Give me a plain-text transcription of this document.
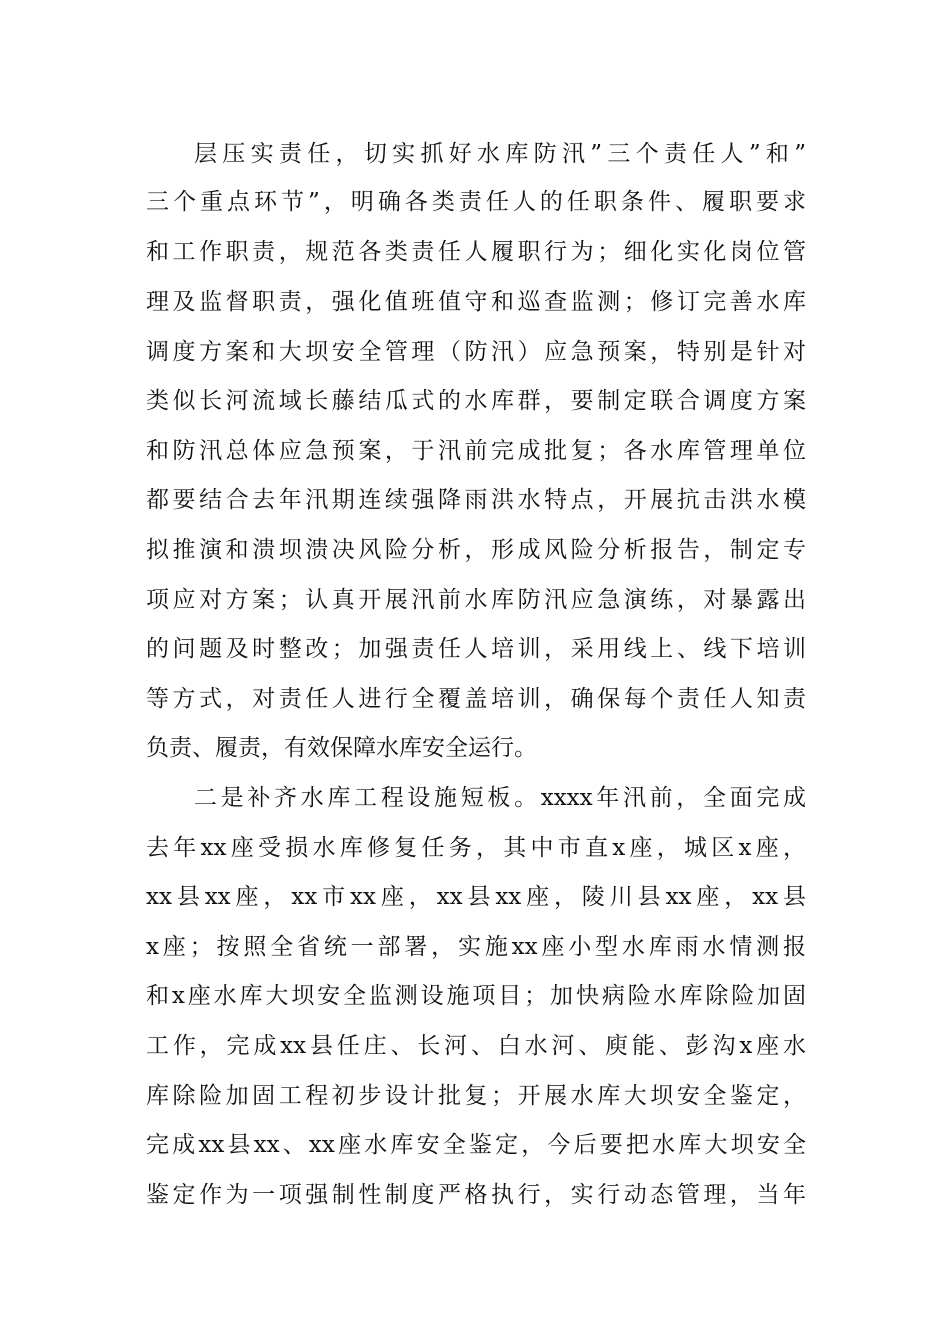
层压实责任，切实抓好水库防汛”三个责任人”和”
三个重点环节”，明确各类责任人的任职条件、履职要求
和工作职责，规范各类责任人履职行为；细化实化岗位管
理及监督职责，强化值班值守和巡查监测；修订完善水库
调度方案和大坝安全管理（防汛）应急预案，特别是针对
类似长河流域长藤结瓜式的水库群，要制定联合调度方案
和防汛总体应急预案，于汛前完成批复；各水库管理单位
都要结合去年汛期连续强降雨洪水特点，开展抗击洪水模
拟推演和溃坝溃决风险分析，形成风险分析报告，制定专
项应对方案；认真开展汛前水库防汛应急演练，对暴露出
的问题及时整改；加强责任人培训，采用线上、线下培训
等方式，对责任人进行全覆盖培训，确保每个责任人知责
负责、履责，有效保障水库安全运行。
二是补齐水库工程设施短板。xxxx年汛前，全面完成
去年xx座受损水库修复任务，其中市直x座，城区x座，
xx县xx座，xx市xx座，xx县xx座，陵川县xx座，xx县
x座；按照全省统一部署，实施xx座小型水库雨水情测报
和x座水库大坝安全监测设施项目；加快病险水库除险加固
工作，完成xx县任庄、长河、白水河、庾能、彭沟x座水
库除险加固工程初步设计批复；开展水库大坝安全鉴定，
完成xx县xx、xx座水库安全鉴定，今后要把水库大坝安全
鉴定作为一项强制性制度严格执行，实行动态管理，当年
